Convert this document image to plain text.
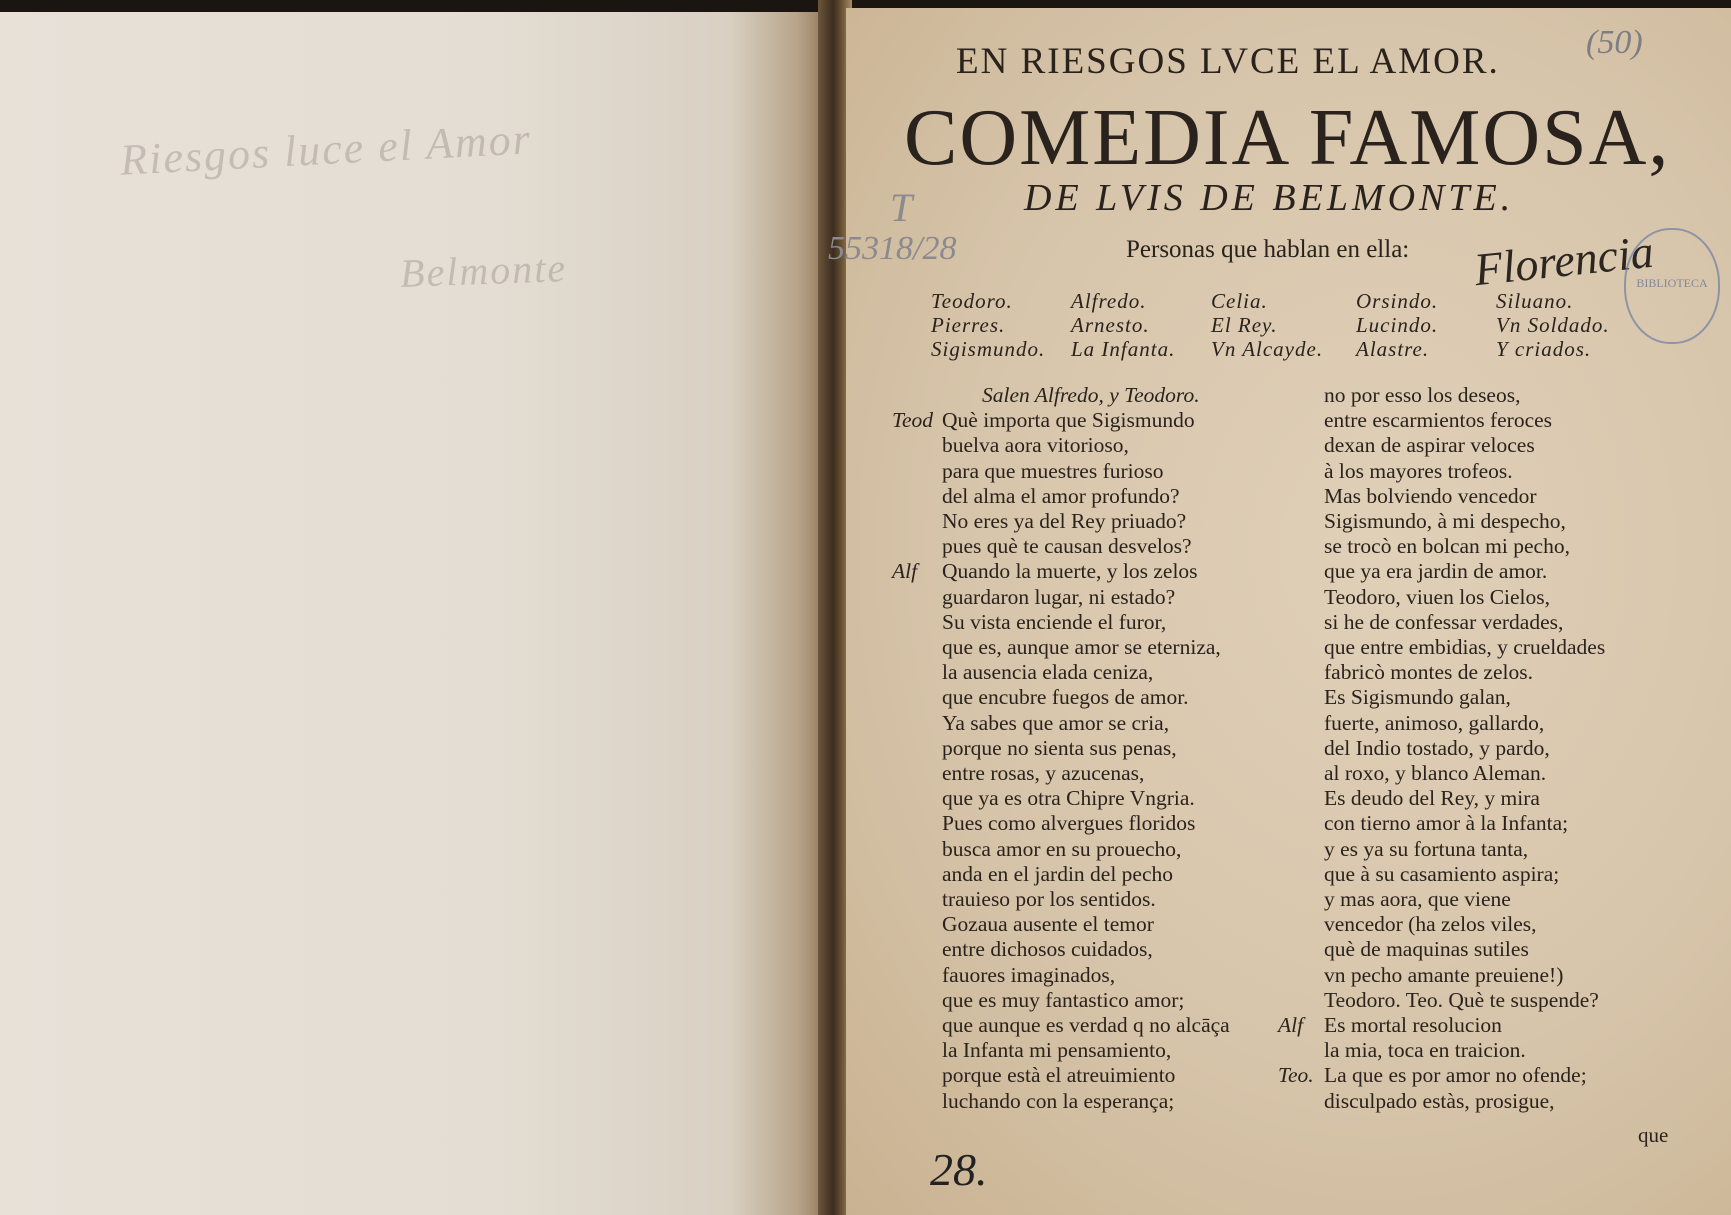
Riesgos luce el Amor
Belmonte
(50)
EN RIESGOS LVCE EL AMOR.
COMEDIA FAMOSA,
DE LVIS DE BELMONTE.
T
55318/28	Personas que hablan en ella: Florencia
BIBLIOTECA
Teodoro.
Pierres.
Sigismundo.
Alfredo.
Arnesto.
La Infanta.
Celia.
El Rey.
Vn Alcayde.
Orsindo.
Lucindo.
Alastre.
Siluano.
Vn Soldado.
Y criados.
Salen Alfredo, y Teodoro.
Teod Què importa que Sigismundo
buelva aora vitorioso,
para que muestres furioso
del alma el amor profundo?
No eres ya del Rey priuado?
pues què te causan desvelos?
Alf Quando la muerte, y los zelos
guardaron lugar, ni estado?
Su vista enciende el furor,
que es, aunque amor se eterniza,
la ausencia elada ceniza,
que encubre fuegos de amor.
Ya sabes que amor se cria,
porque no sienta sus penas,
entre rosas, y azucenas,
que ya es otra Chipre Vngria.
Pues como alvergues floridos
busca amor en su prouecho,
anda en el jardin del pecho
trauieso por los sentidos.
Gozaua ausente el temor
entre dichosos cuidados,
fauores imaginados,
que es muy fantastico amor;
que aunque es verdad q no alcāça
la Infanta mi pensamiento,
porque està el atreuimiento
luchando con la esperança;
no por esso los deseos,
entre escarmientos feroces
dexan de aspirar veloces
à los mayores trofeos.
Mas bolviendo vencedor
Sigismundo, à mi despecho,
se trocò en bolcan mi pecho,
que ya era jardin de amor.
Teodoro, viuen los Cielos,
si he de confessar verdades,
que entre embidias, y crueldades
fabricò montes de zelos.
Es Sigismundo galan,
fuerte, animoso, gallardo,
del Indio tostado, y pardo,
al roxo, y blanco Aleman.
Es deudo del Rey, y mira
con tierno amor à la Infanta;
y es ya su fortuna tanta,
que à su casamiento aspira;
y mas aora, que viene
vencedor (ha zelos viles,
què de maquinas sutiles
vn pecho amante preuiene!)
Teodoro. Teo. Què te suspende?
Alf Es mortal resolucion
la mia, toca en traicion.
Teo. La que es por amor no ofende;
disculpado estàs, prosigue,
que
28.
